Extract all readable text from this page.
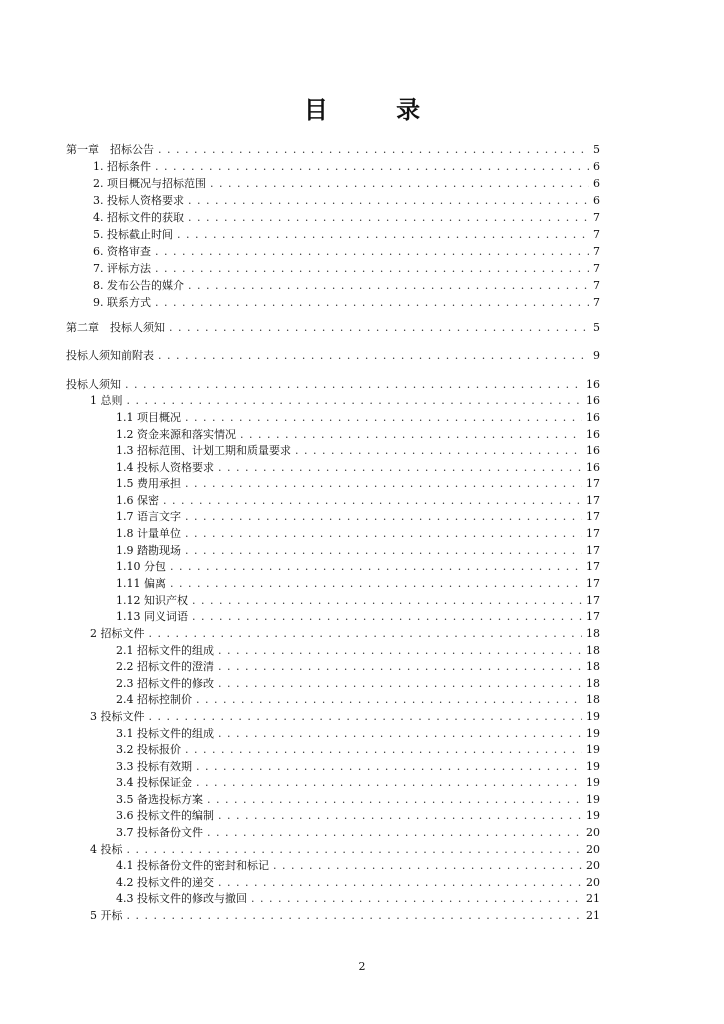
目 录
第一章　招标公告 . . .	5
1. 招标条件 . . .	6
2. 项目概况与招标范围 . . .	6
3. 投标人资格要求 . . .	6
4. 招标文件的获取 . . .	7
5. 投标截止时间 . . .	7
6. 资格审查 . . .	7
7. 评标方法 . . .	7
8. 发布公告的媒介 . . .	7
9. 联系方式 . . .	7
第二章　投标人须知 . . .	5
投标人须知前附表 . . .	9
投标人须知 . . .	16
1 总则 . . .	16
1.1 项目概况 . . .	16
1.2 资金来源和落实情况 . . .	16
1.3 招标范围、计划工期和质量要求 . . .	16
1.4 投标人资格要求 . . .	16
1.5 费用承担 . . .	17
1.6 保密 . . .	17
1.7 语言文字 . . .	17
1.8 计量单位 . . .	17
1.9 踏勘现场 . . .	17
1.10 分包 . . .	17
1.11 偏离 . . .	17
1.12 知识产权 . . .	17
1.13 同义词语 . . .	17
2 招标文件 . . .	18
2.1 招标文件的组成 . . .	18
2.2 招标文件的澄清 . . .	18
2.3 招标文件的修改 . . .	18
2.4 招标控制价 . . .	18
3 投标文件 . . .	19
3.1 投标文件的组成 . . .	19
3.2 投标报价 . . .	19
3.3 投标有效期 . . .	19
3.4 投标保证金 . . .	19
3.5 备选投标方案 . . .	19
3.6 投标文件的编制 . . .	19
3.7 投标备份文件 . . .	20
4 投标 . . .	20
4.1 投标备份文件的密封和标记 . . .	20
4.2 投标文件的递交 . . .	20
4.3 投标文件的修改与撤回 . . .	21
5 开标 . . .	21
2
